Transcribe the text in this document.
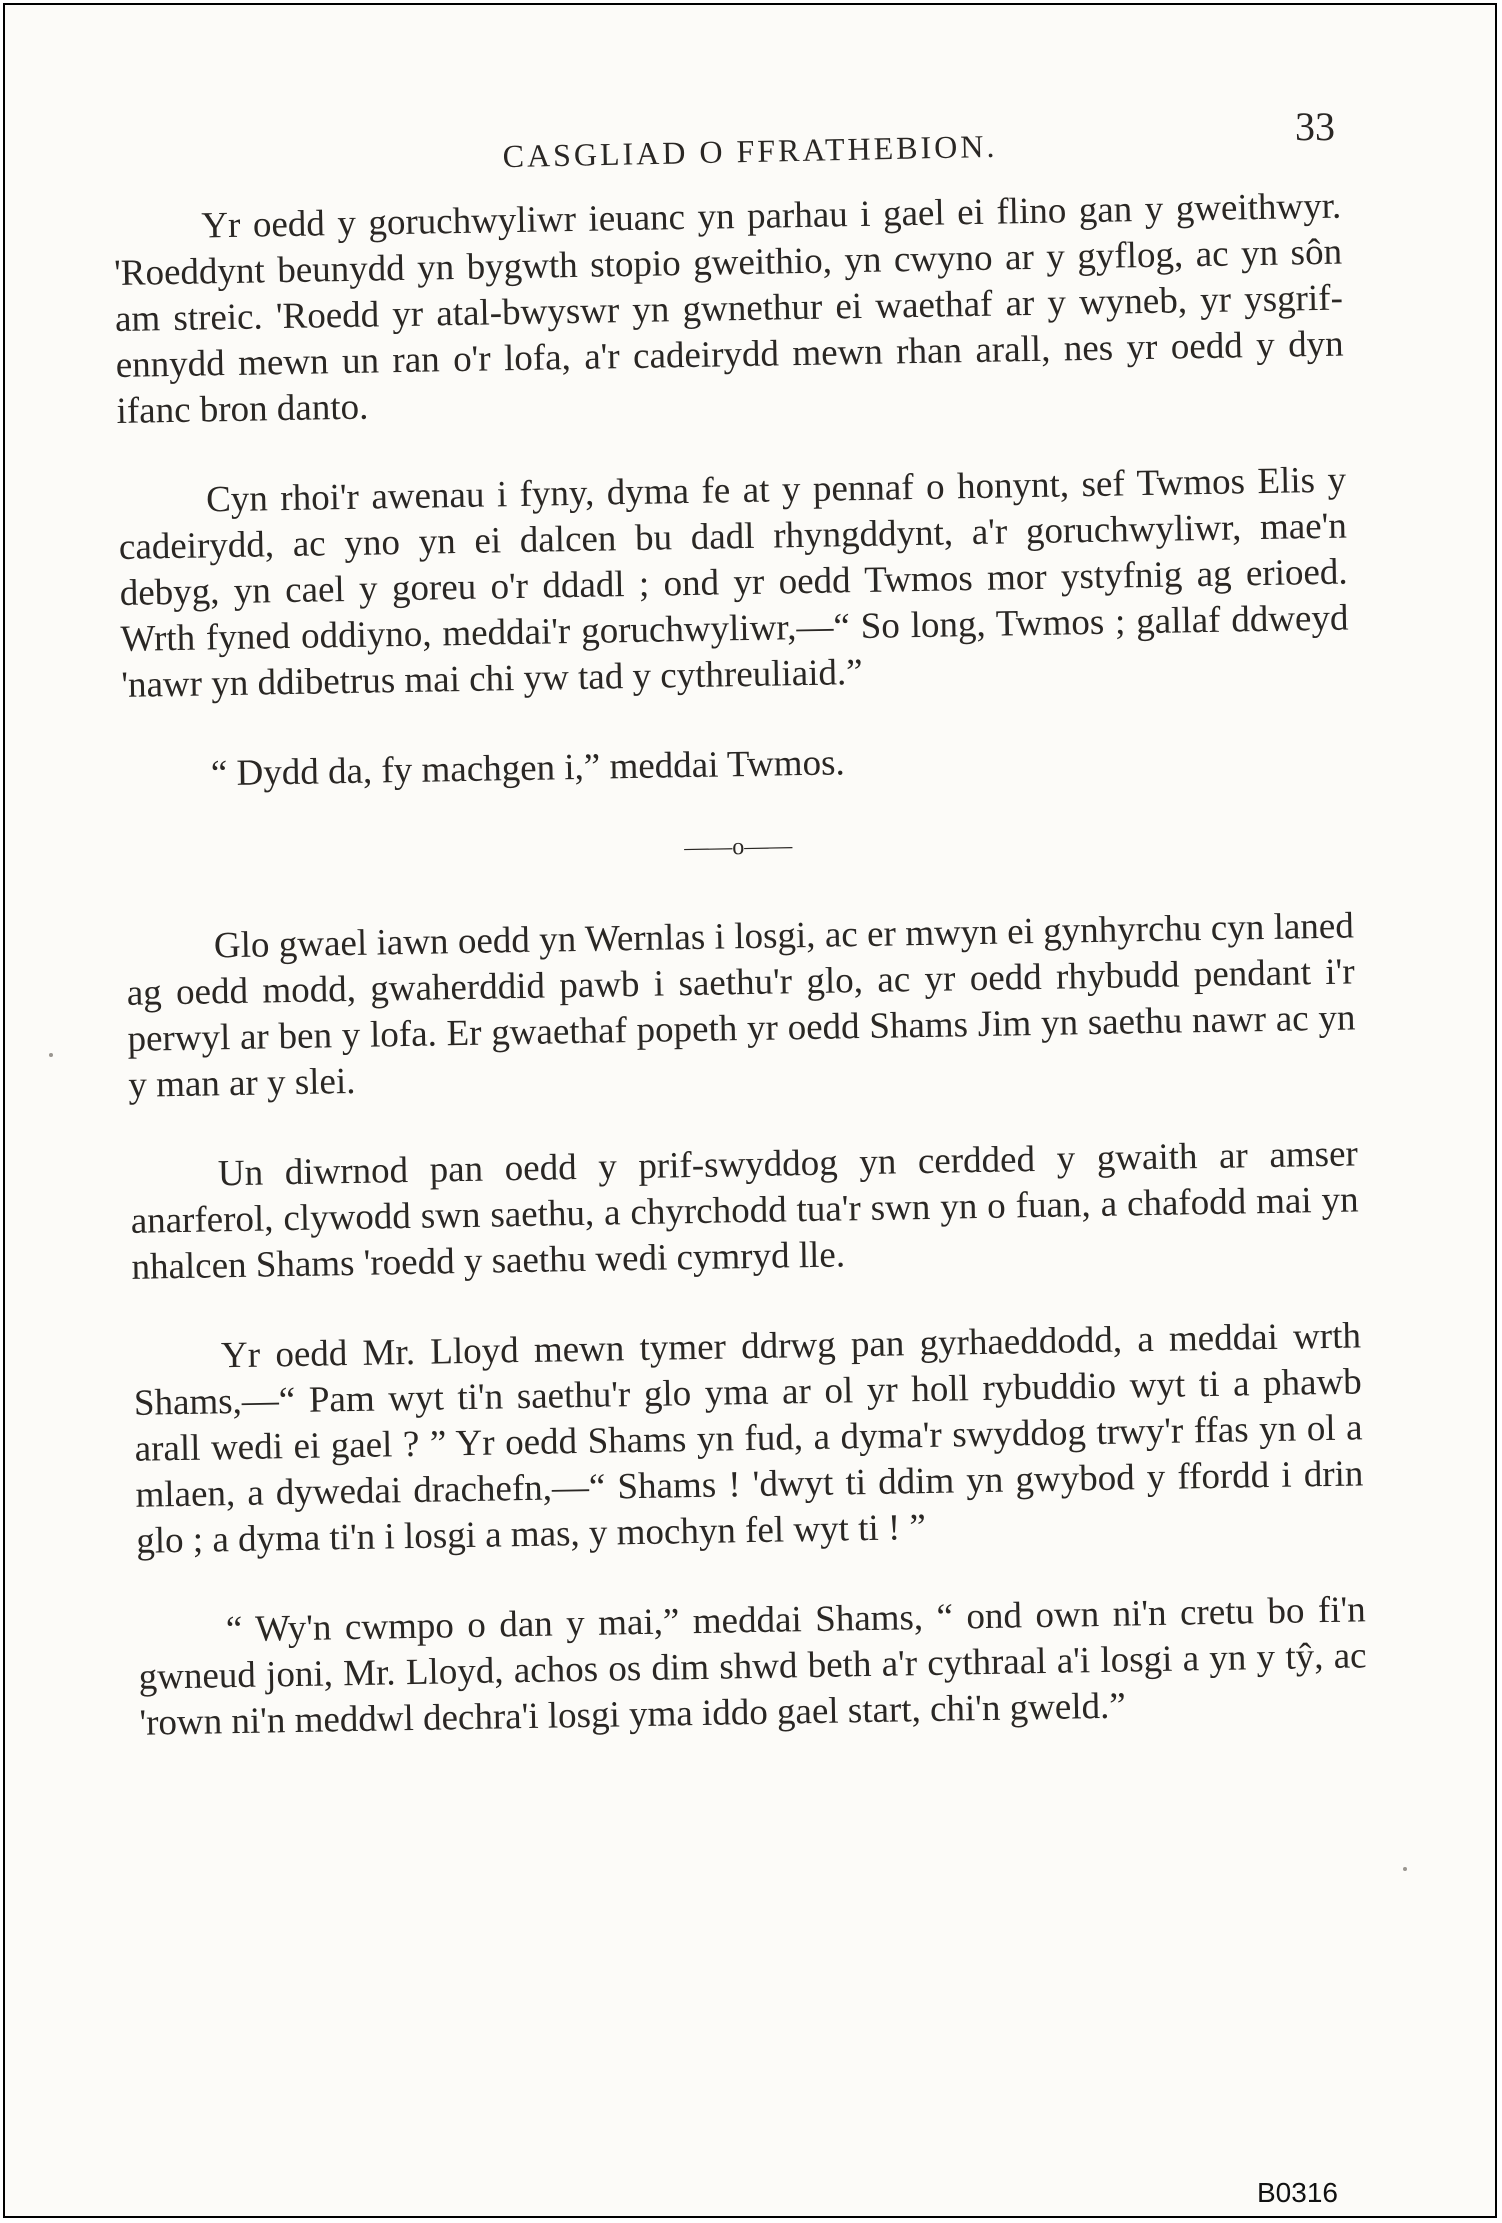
CASGLIAD O FFRATHEBION.
33

Yr oedd y goruchwyliwr ieuanc yn parhau i gael ei flino gan y gweithwyr. 'Roeddynt beunydd yn bygwth stopio gweithio, yn cwyno ar y gyflog, ac yn sôn am streic. 'Roedd yr atal-bwyswr yn gwnethur ei waethaf ar y wyneb, yr ysgrif-ennydd mewn un ran o'r lofa, a'r cadeirydd mewn rhan arall, nes yr oedd y dyn ifanc bron danto.

Cyn rhoi'r awenau i fyny, dyma fe at y pennaf o honynt, sef Twmos Elis y cadeirydd, ac yno yn ei dalcen bu dadl rhyngddynt, a'r goruchwyliwr, mae'n debyg, yn cael y goreu o'r ddadl ; ond yr oedd Twmos mor ystyfnig ag erioed. Wrth fyned oddiyno, meddai'r goruchwyliwr,—“ So long, Twmos ; gallaf ddweyd 'nawr yn ddibetrus mai chi yw tad y cythreuliaid.”

“ Dydd da, fy machgen i,” meddai Twmos.

——o——

Glo gwael iawn oedd yn Wernlas i losgi, ac er mwyn ei gynhyrchu cyn laned ag oedd modd, gwaherddid pawb i saethu'r glo, ac yr oedd rhybudd pendant i'r perwyl ar ben y lofa. Er gwaethaf popeth yr oedd Shams Jim yn saethu nawr ac yn y man ar y slei.

Un diwrnod pan oedd y prif-swyddog yn cerdded y gwaith ar amser anarferol, clywodd swn saethu, a chyrchodd tua'r swn yn o fuan, a chafodd mai yn nhalcen Shams 'roedd y saethu wedi cymryd lle.

Yr oedd Mr. Lloyd mewn tymer ddrwg pan gyrhaeddodd, a meddai wrth Shams,—“ Pam wyt ti'n saethu'r glo yma ar ol yr holl rybuddio wyt ti a phawb arall wedi ei gael ? ” Yr oedd Shams yn fud, a dyma'r swyddog trwy'r ffas yn ol a mlaen, a dywedai drachefn,—“ Shams ! 'dwyt ti ddim yn gwybod y ffordd i drin glo ; a dyma ti'n i losgi a mas, y mochyn fel wyt ti ! ”

“ Wy'n cwmpo o dan y mai,” meddai Shams, “ ond own ni'n cretu bo fi'n gwneud joni, Mr. Lloyd, achos os dim shwd beth a'r cythraal a'i losgi a yn y tŷ, ac 'rown ni'n meddwl dechra'i losgi yma iddo gael start, chi'n gweld.”

B0316
